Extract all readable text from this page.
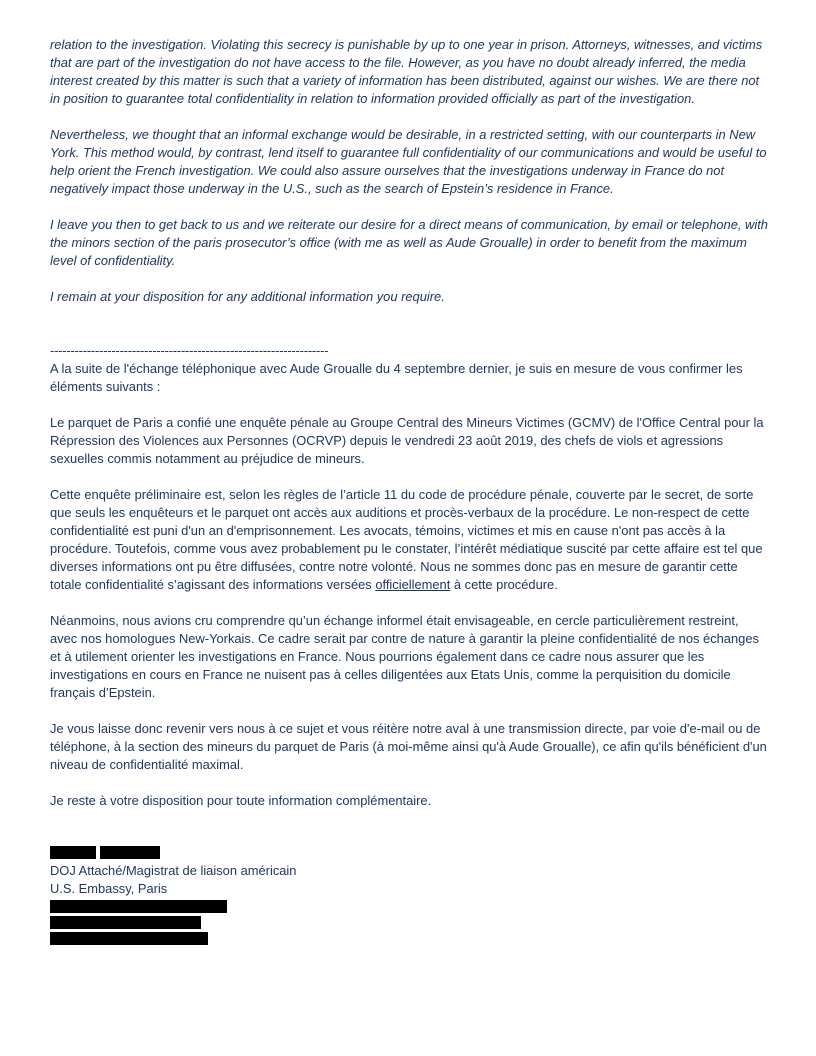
relation to the investigation. Violating this secrecy is punishable by up to one year in prison. Attorneys, witnesses, and victims that are part of the investigation do not have access to the file. However, as you have no doubt already inferred, the media interest created by this matter is such that a variety of information has been distributed, against our wishes. We are there not in position to guarantee total confidentiality in relation to information provided officially as part of the investigation.

Nevertheless, we thought that an informal exchange would be desirable, in a restricted setting, with our counterparts in New York. This method would, by contrast, lend itself to guarantee full confidentiality of our communications and would be useful to help orient the French investigation. We could also assure ourselves that the investigations underway in France do not negatively impact those underway in the U.S., such as the search of Epstein’s residence in France.

I leave you then to get back to us and we reiterate our desire for a direct means of communication, by email or telephone, with the minors section of the paris prosecutor’s office (with me as well as Aude Groualle) in order to benefit from the maximum level of confidentiality.

I remain at your disposition for any additional information you require.

--------------------------------------------------------------------

A la suite de l'échange téléphonique avec Aude Groualle du 4 septembre dernier, je suis en mesure de vous confirmer les éléments suivants :

Le parquet de Paris a confié une enquête pénale au Groupe Central des Mineurs Victimes (GCMV) de l'Office Central pour la Répression des Violences aux Personnes (OCRVP) depuis le vendredi 23 août 2019, des chefs de viols et agressions sexuelles commis notamment au préjudice de mineurs.

Cette enquête préliminaire est, selon les règles de l’article 11 du code de procédure pénale, couverte par le secret, de sorte que seuls les enquêteurs et le parquet ont accès aux auditions et procès-verbaux de la procédure. Le non-respect de cette confidentialité est puni d'un an d'emprisonnement. Les avocats, témoins, victimes et mis en cause n'ont pas accès à la procédure. Toutefois, comme vous avez probablement pu le constater, l’intérêt médiatique suscité par cette affaire est tel que diverses informations ont pu être diffusées, contre notre volonté. Nous ne sommes donc pas en mesure de garantir cette totale confidentialité s’agissant des informations versées officiellement à cette procédure.

Néanmoins, nous avions cru comprendre qu’un échange informel était envisageable, en cercle particulièrement restreint, avec nos homologues New-Yorkais. Ce cadre serait par contre de nature à garantir la pleine confidentialité de nos échanges et à utilement orienter les investigations en France. Nous pourrions également dans ce cadre nous assurer que les investigations en cours en France ne nuisent pas à celles diligentées aux Etats Unis, comme la perquisition du domicile français d’Epstein.

Je vous laisse donc revenir vers nous à ce sujet et vous réitère notre aval à une transmission directe, par voie d'e-mail ou de téléphone, à la section des mineurs du parquet de Paris (à moi-même ainsi qu'à Aude Groualle), ce afin qu'ils bénéficient d'un niveau de confidentialité maximal.

Je reste à votre disposition pour toute information complémentaire.

DOJ Attaché/Magistrat de liaison américain

U.S. Embassy, Paris
